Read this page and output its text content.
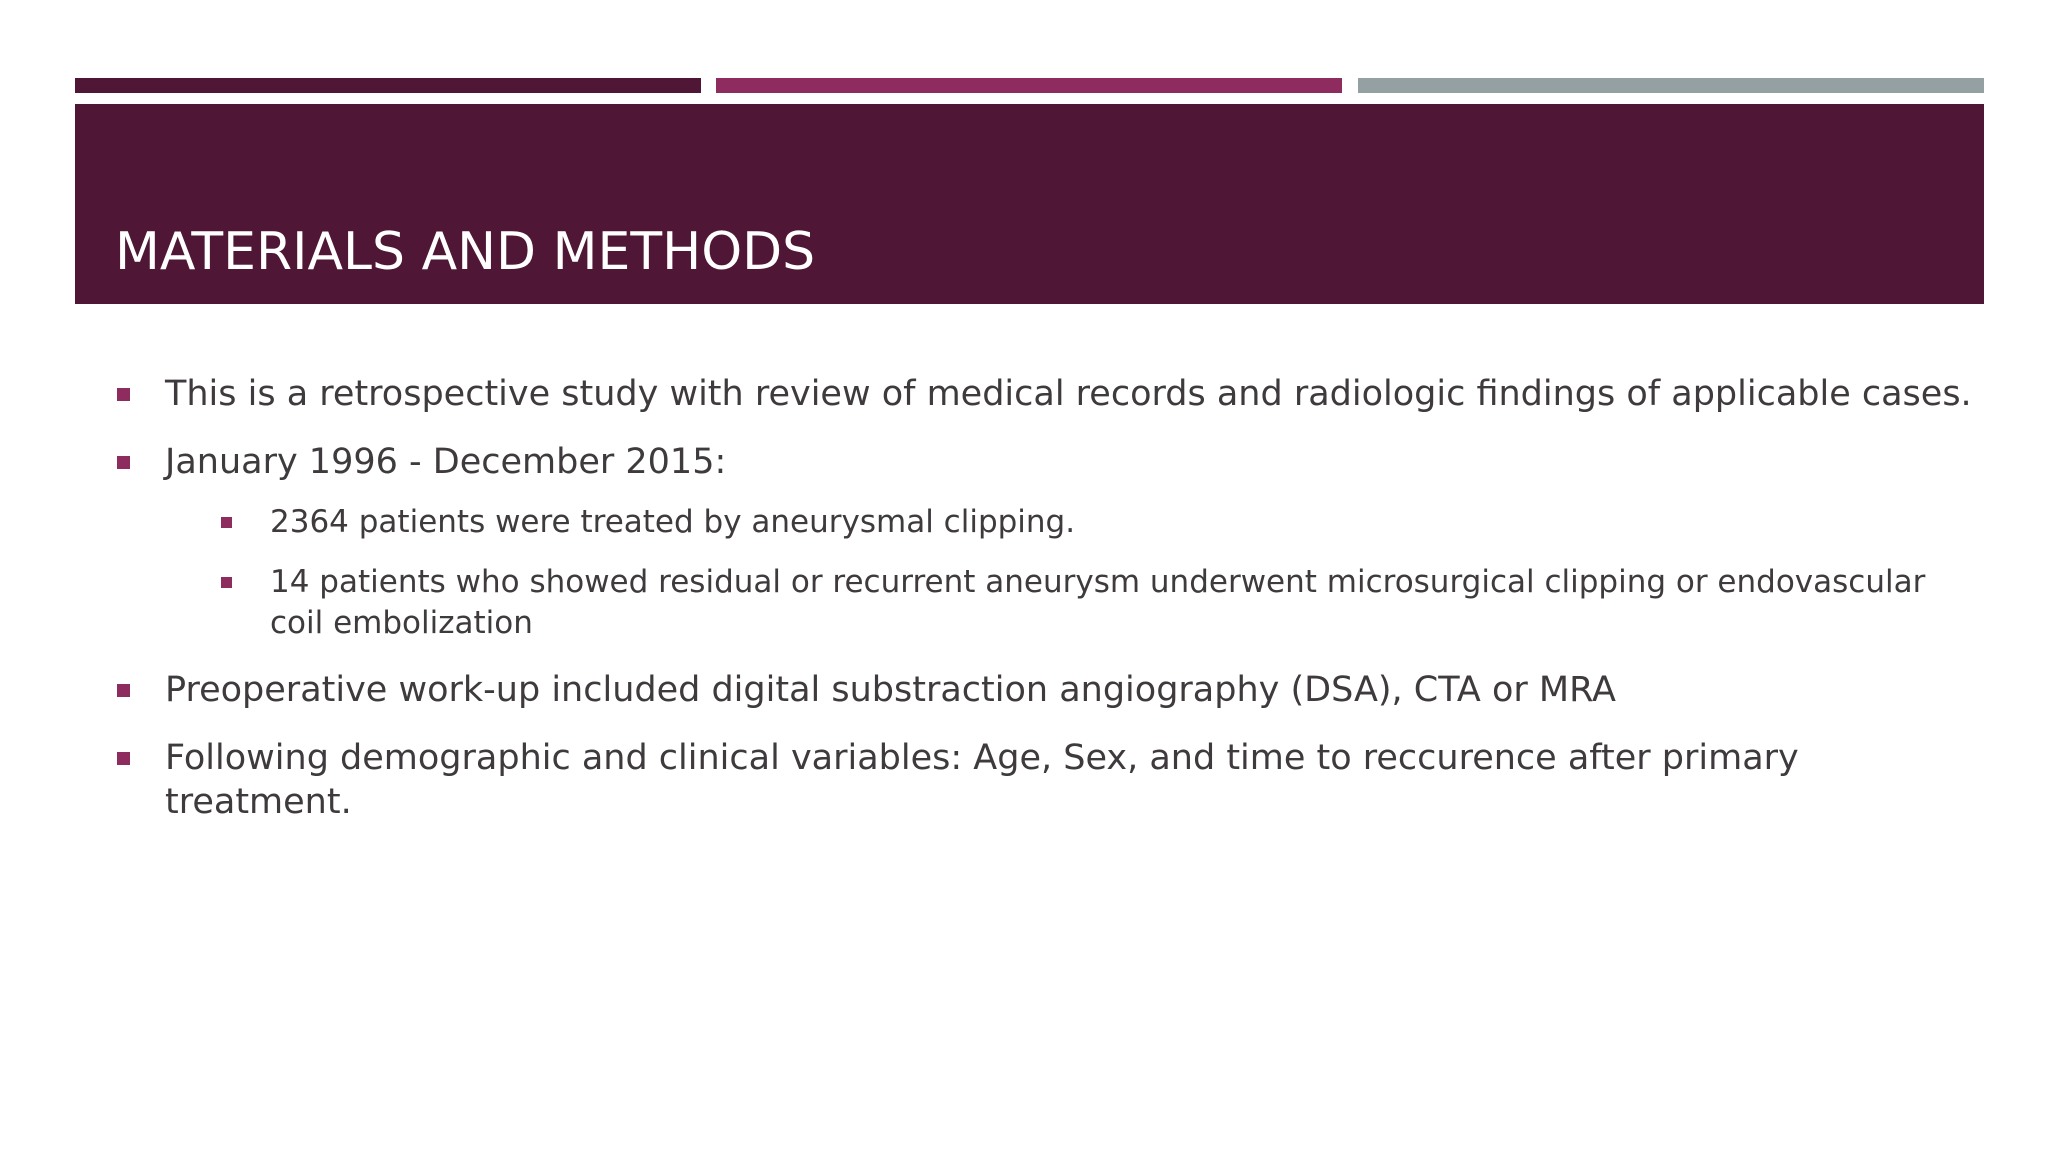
MATERIALS AND METHODS
This is a retrospective study with review of medical records and radiologic findings of applicable cases.
January 1996 - December 2015:
2364 patients were treated by aneurysmal clipping.
14 patients who showed residual or recurrent aneurysm underwent microsurgical clipping or endovascular coil embolization
Preoperative work-up included digital substraction angiography (DSA), CTA or MRA
Following demographic and clinical variables: Age, Sex, and time to reccurence after primary treatment.
